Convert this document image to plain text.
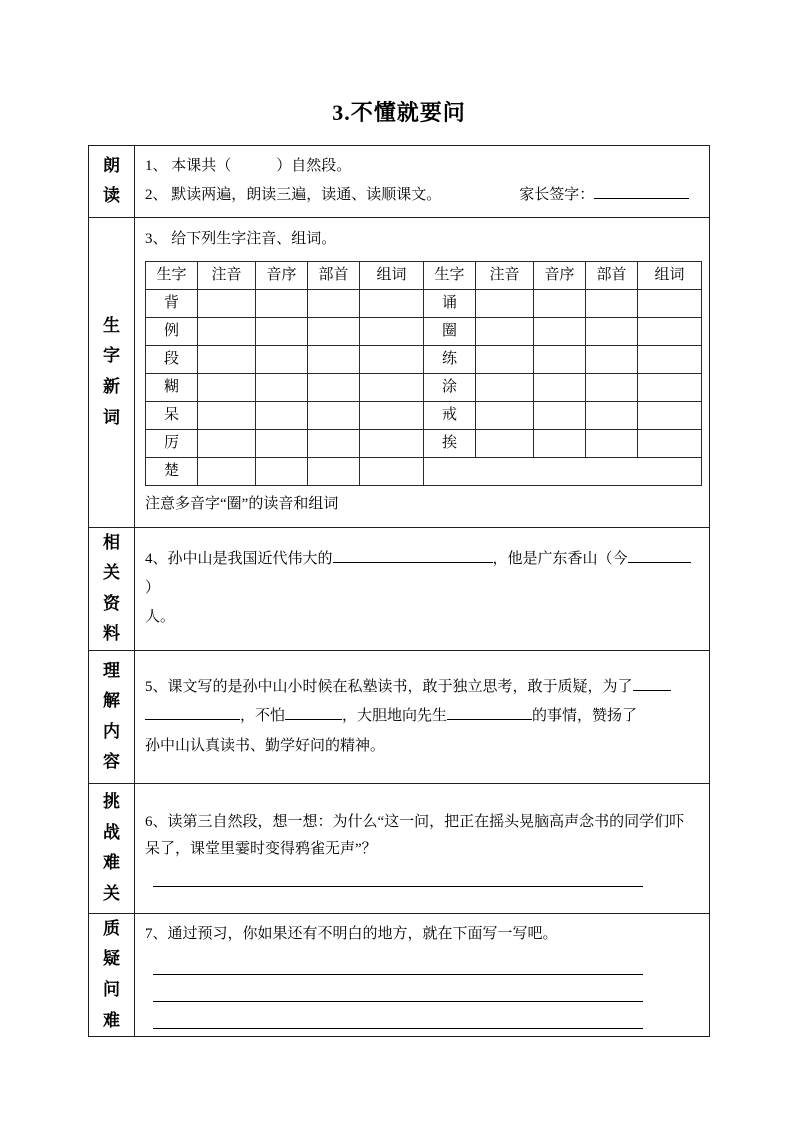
3.不懂就要问
朗读

1、 本课共（　　　）自然段。
2、 默读两遍，朗读三遍，读通、读顺课文。	家长签字：

生字新词

3、 给下列生字注音、组词。
生字	注音	音序	部首	组词	生字	注音	音序	部首	组词
背					诵				
例					圈				
段					练				
糊					涂				
呆					戒				
厉					挨				
楚					
注意多音字“圈”的读音和组词

相关资料

4、孙中山是我国近代伟大的	，他是广东香山（今）
人。

理解内容

5、课文写的是孙中山小时候在私塾读书，敢于独立思考，敢于质疑，为了
，不怕	，大胆地向先生	的事情，赞扬了
孙中山认真读书、勤学好问的精神。

挑战难关

6、读第三自然段，想一想：为什么“这一问，把正在摇头晃脑高声念书的同学们吓呆了，课堂里霎时变得鸦雀无声”？

质疑问难

7、通过预习，你如果还有不明白的地方，就在下面写一写吧。
